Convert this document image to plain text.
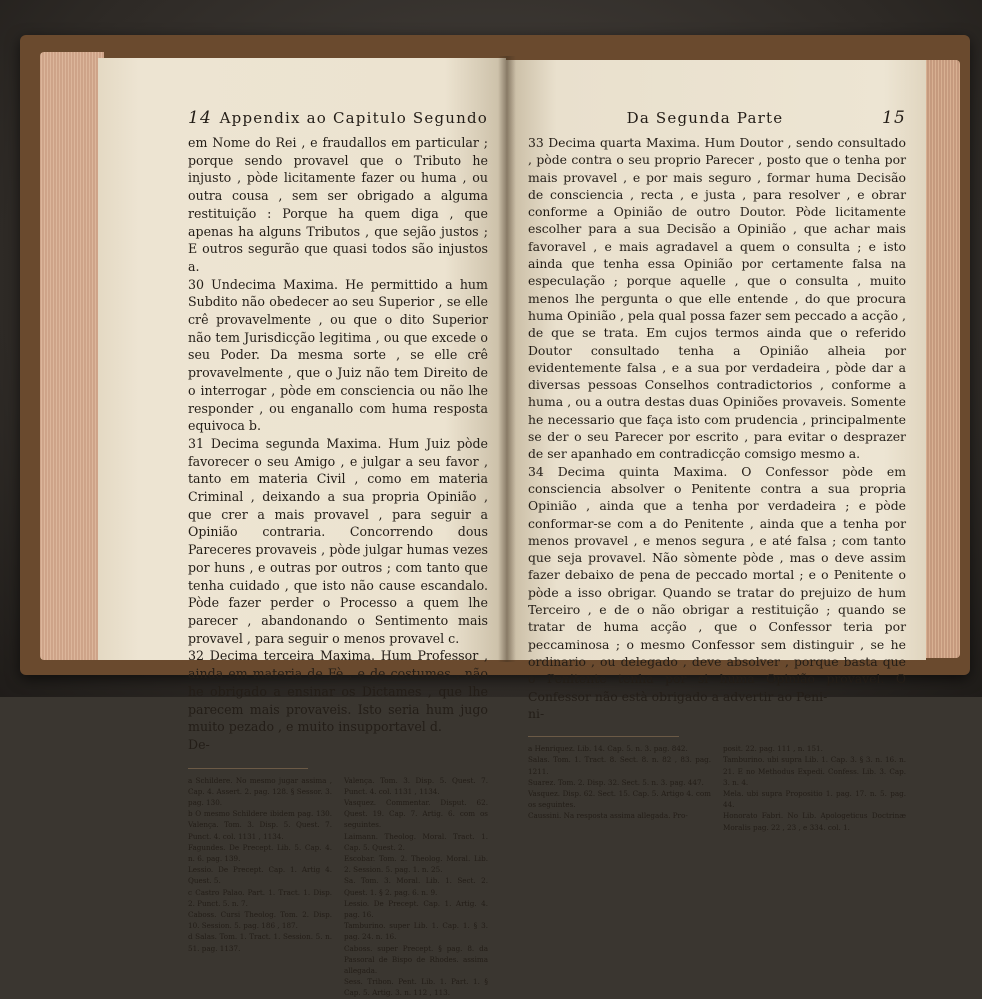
14 Appendix ao Capitulo Segundo

em Nome do Rei , e fraudallos em particular ; porque sendo provavel que o Tributo he injusto , pòde licitamente fazer ou huma , ou outra cousa , sem ser obrigado a alguma restituição : Porque ha quem diga , que apenas ha alguns Tributos , que sejão justos ; E outros segurão que quasi todos são injustos a.

30 Undecima Maxima. He permittido a hum Subdito não obedecer ao seu Superior , se elle crê provavelmente , ou que o dito Superior não tem Jurisdicção legitima , ou que excede o seu Poder. Da mesma sorte , se elle crê provavelmente , que o Juiz não tem Direito de o interrogar , pòde em consciencia ou não lhe responder , ou enganallo com huma resposta equivoca b.

31 Decima segunda Maxima. Hum Juiz pòde favorecer o seu Amigo , e julgar a seu favor , tanto em materia Civil , como em materia Criminal , deixando a sua propria Opinião , que crer a mais provavel , para seguir a Opinião contraria. Concorrendo dous Pareceres provaveis , pòde julgar humas vezes por huns , e outras por outros ; com tanto que tenha cuidado , que isto não cause escandalo. Pòde fazer perder o Processo a quem lhe parecer , abandonando o Sentimento mais provavel , para seguir o menos provavel c.

32 Decima terceira Maxima. Hum Professor , ainda em materia de Fè , e de costumes , não he obrigado a ensinar os Dictames , que lhe parecem mais provaveis. Isto seria hum jugo muito pezado , e muito insupportavel d.

De-

a Schildere. No mesmo jugar assima , Cap. 4. Assert. 2. pag. 128. § Sessor. 3. pag. 130.

b O mesmo Schildere ibidem pag. 130. Valença. Tom. 3. Disp. 5. Quest. 7. Punct. 4. col. 1131 , 1134.

Fagundes. De Precept. Lib. 5. Cap. 4. n. 6. pag. 139.

Lessio. De Precept. Cap. 1. Artig 4. Quest. 5.

c Castro Palao. Part. 1. Tract. 1. Disp. 2. Punct. 5. n. 7.

Caboss. Cursi Theolog. Tom. 2. Disp. 10. Session. 5. pag. 186 , 187.

d Salas. Tom. 1. Tract. 1. Session. 5. n. 51. pag. 1137.

Valença. Tom. 3. Disp. 5. Quest. 7. Punct. 4. col. 1131 , 1134.

Vasquez. Commentar. Disput. 62. Quest. 19. Cap. 7. Artig. 6. com os seguintes.

Laimann. Theolog. Moral. Tract. 1. Cap. 5. Quest. 2.

Escobar. Tom. 2. Theolog. Moral. Lib. 2. Session. 5. pag. 1. n. 25.

Sa. Tom. 3. Moral. Lib. 1. Sect. 2. Quest. 1. § 2. pag. 6. n. 9.

Lessio. De Precept. Cap. 1. Artig. 4. pag. 16.

Tamburino. super Lib. 1. Cap. 1. § 3. pag. 24. n. 16.

Caboss. super Precept. § pag. 8. da Passoral de Bispo de Rhodes. assima allegada.

Sess. Tribon. Pent. Lib. 1. Part. 1. § Cap. 5. Artig. 3. n. 112 , 113.

Da Segunda Parte	15

33 Decima quarta Maxima. Hum Doutor , sendo consultado , pòde contra o seu proprio Parecer , posto que o tenha por mais provavel , e por mais seguro , formar huma Decisão de consciencia , recta , e justa , para resolver , e obrar conforme a Opinião de outro Doutor. Pòde licitamente escolher para a sua Decisão a Opinião , que achar mais favoravel , e mais agradavel a quem o consulta ; e isto ainda que tenha essa Opinião por certamente falsa na especulação ; porque aquelle , que o consulta , muito menos lhe pergunta o que elle entende , do que procura huma Opinião , pela qual possa fazer sem peccado a acção , de que se trata. Em cujos termos ainda que o referido Doutor consultado tenha a Opinião alheia por evidentemente falsa , e a sua por verdadeira , pòde dar a diversas pessoas Conselhos contradictorios , conforme a huma , ou a outra destas duas Opiniões provaveis. Somente he necessario que faça isto com prudencia , principalmente se der o seu Parecer por escrito , para evitar o desprazer de ser apanhado em contradicção comsigo mesmo a.

34 Decima quinta Maxima. O Confessor pòde em consciencia absolver o Penitente contra a sua propria Opinião , ainda que a tenha por verdadeira ; e pòde conformar-se com a do Penitente , ainda que a tenha por menos provavel , e menos segura , e até falsa ; com tanto que seja provavel. Não sòmente pòde , mas o deve assim fazer debaixo de pena de peccado mortal ; e o Penitente o pòde a isso obrigar. Quando se tratar do prejuizo de hum Terceiro , e de o não obrigar a restituição ; quando se tratar de huma acção , que o Confessor teria por peccaminosa ; o mesmo Confessor sem distinguir , se he ordinario , ou delegado , deve absolver , porque basta que o Penitente tenha por si huma Opinião provavel. O Confessor não està obrigado a advertir ao Peni-

ni-

a Henriquez. Lib. 14. Cap. 5. n. 3. pag. 842.

Salas. Tom. 1. Tract. 8. Sect. 8. n. 82 , 83. pag. 1211.

Suarez. Tom. 2. Disp. 32. Sect. 5. n. 3. pag. 447.

Vasquez. Disp. 62. Sect. 15. Cap. 5. Artigo 4. com os seguintes.

Caussini. Na resposta assima allegada. Pro-

posit. 22. pag. 111 , n. 151.

Tamburino. ubi supra Lib. 1. Cap. 3. § 3. n. 16. n. 21. E no Methodus Expedi. Confess. Lib. 3. Cap. 3. n. 4.

Mela. ubi supra Propositio 1. pag. 17. n. 5. pag. 44.

Honorato Fabri. No Lib. Apologeticus Doctrinæ Moralis pag. 22 , 23 , e 334. col. 1.
